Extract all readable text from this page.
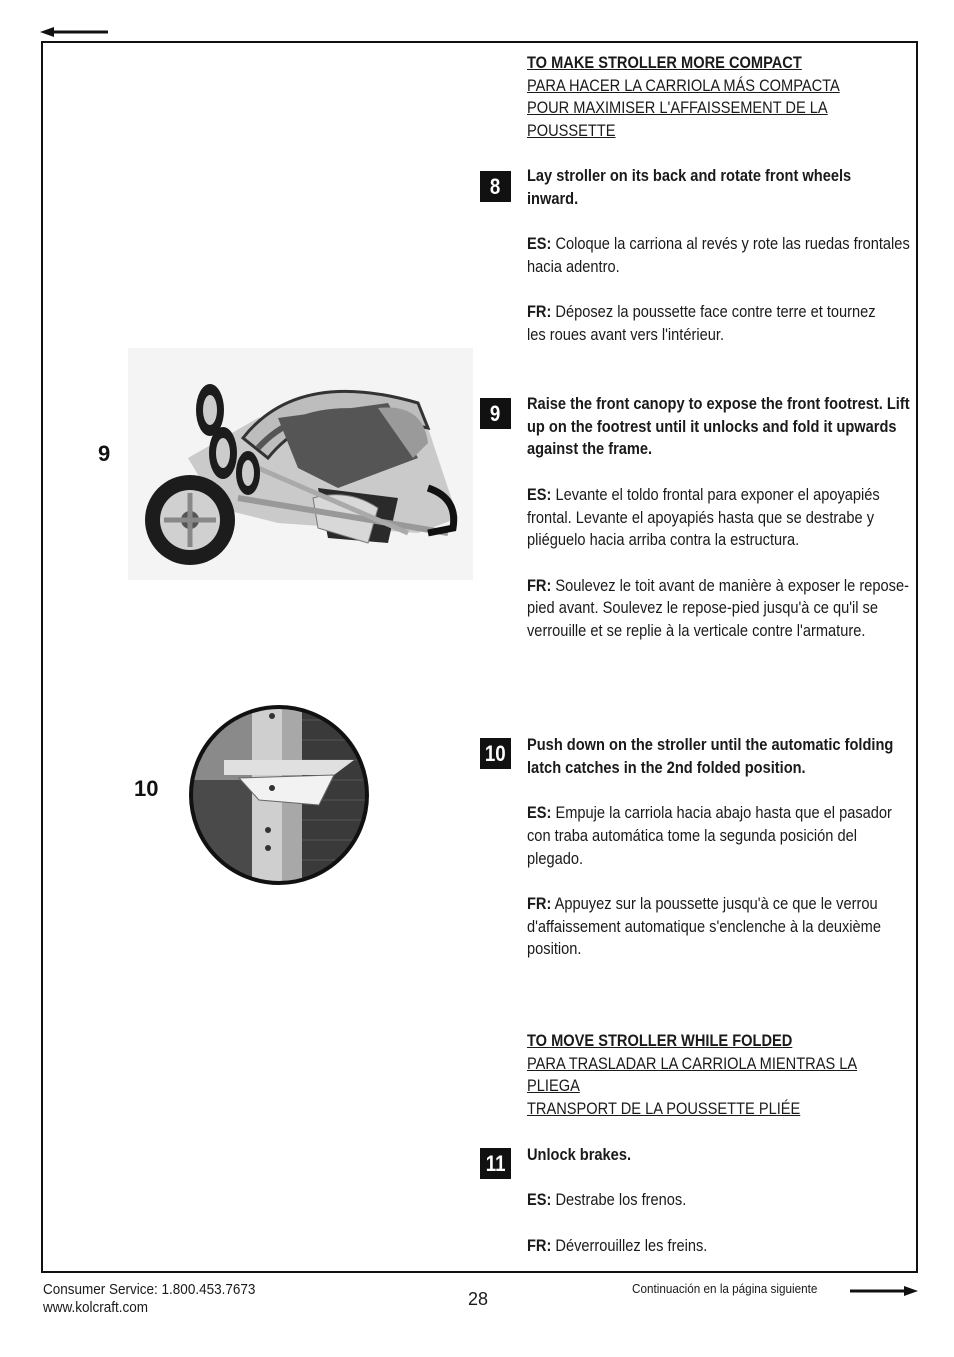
TO MAKE STROLLER MORE COMPACT
PARA HACER LA CARRIOLA MÁS COMPACTA
POUR MAXIMISER L'AFFAISSEMENT DE LA POUSSETTE
8 Lay stroller on its back and rotate front wheels inward.
ES: Coloque la carriona al revés y rote las ruedas frontales hacia adentro.
FR: Déposez la poussette face contre terre et tournez les roues avant vers l'intérieur.
9 Raise the front canopy to expose the front footrest. Lift up on the footrest until it unlocks and fold it upwards against the frame.
ES: Levante el toldo frontal para exponer el apoyapiés frontal. Levante el apoyapiés hasta que se destrabe y pliéguelo hacia arriba contra la estructura.
FR: Soulevez le toit avant de manière à exposer le repose-pied avant. Soulevez le repose-pied jusqu'à ce qu'il se verrouille et se replie à la verticale contre l'armature.
10 Push down on the stroller until the automatic folding latch catches in the 2nd folded position.
ES: Empuje la carriola hacia abajo hasta que el pasador con traba automática tome la segunda posición del plegado.
FR: Appuyez sur la poussette jusqu'à ce que le verrou d'affaissement automatique s'enclenche à la deuxième position.
TO MOVE STROLLER WHILE FOLDED
PARA TRASLADAR LA CARRIOLA MIENTRAS LA PLIEGA
TRANSPORT DE LA POUSSETTE PLIÉE
11 Unlock brakes.
ES: Destrabe los frenos.
FR: Déverrouillez les freins.
9
10
Consumer Service: 1.800.453.7673
www.kolcraft.com	28
Continuación en la página siguiente
